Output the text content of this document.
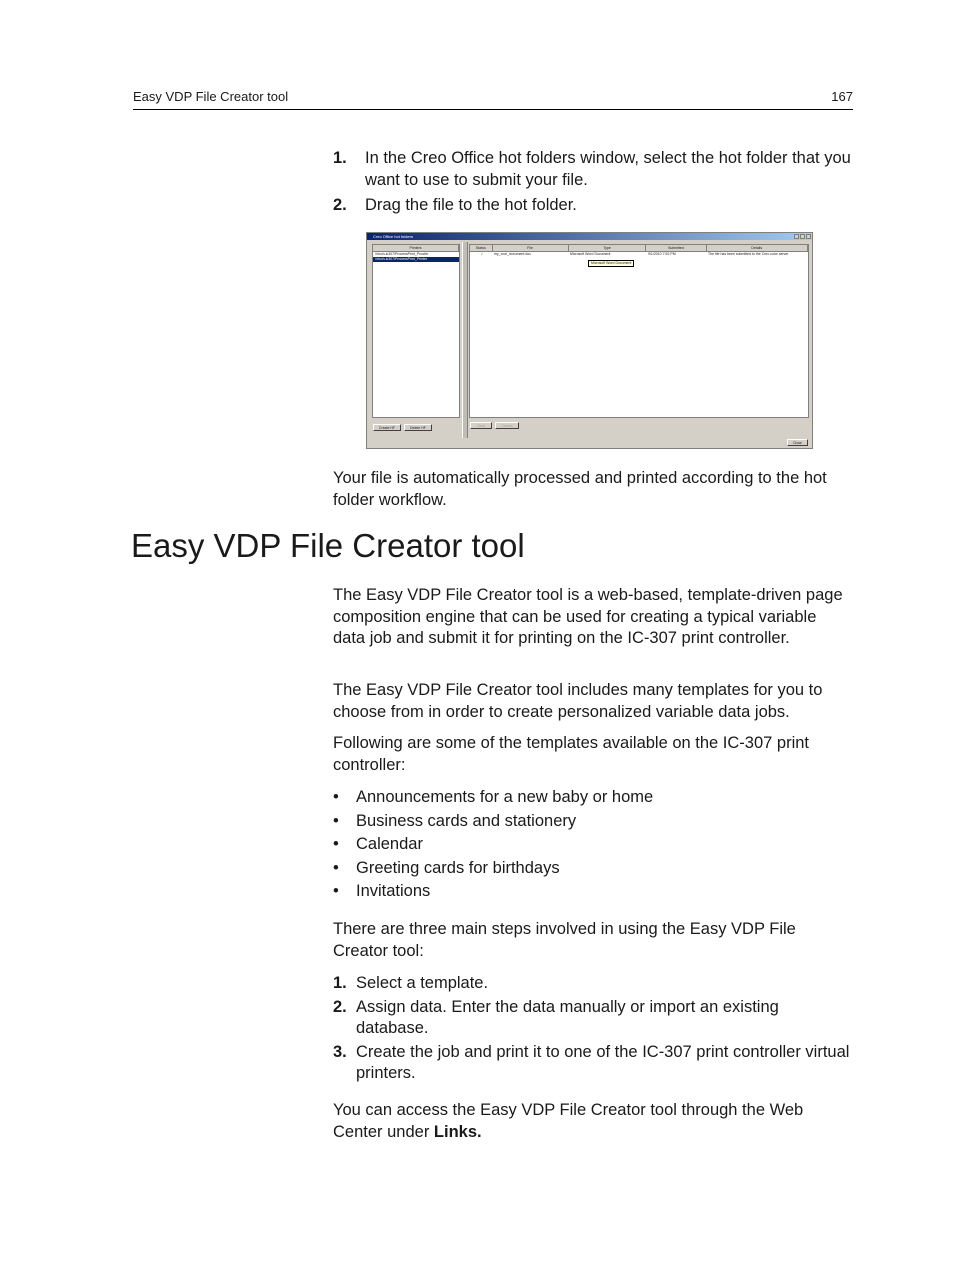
Easy VDP File Creator tool	167
1. In the Creo Office hot folders window, select the hot folder that you want to use to submit your file.
2. Drag the file to the hot folder.
Creo Office hot folders
Printers
\\ricoh-ic307\ProcessPrint_Proofer
\\ricoh-ic307\ProcessPrint_Printer
Status	File	Type	Submitted	Details
✓	my_cool_document.doc	Microsoft Word Document	9/1/2010 7:52 PM	The file has been submitted to the Creo color server
Microsoft Word Document
Create HF	Delete HF	Clear	Cancel
Close

Your file is automatically processed and printed according to the hot folder workflow.

Easy VDP File Creator tool

The Easy VDP File Creator tool is a web-based, template-driven page composition engine that can be used for creating a typical variable data job and submit it for printing on the IC-307 print controller.

The Easy VDP File Creator tool includes many templates for you to choose from in order to create personalized variable data jobs.

Following are some of the templates available on the IC-307 print controller:

• Announcements for a new baby or home
• Business cards and stationery
• Calendar
• Greeting cards for birthdays
• Invitations

There are three main steps involved in using the Easy VDP File Creator tool:

1. Select a template.
2. Assign data. Enter the data manually or import an existing database.
3. Create the job and print it to one of the IC-307 print controller virtual printers.

You can access the Easy VDP File Creator tool through the Web Center under Links.
